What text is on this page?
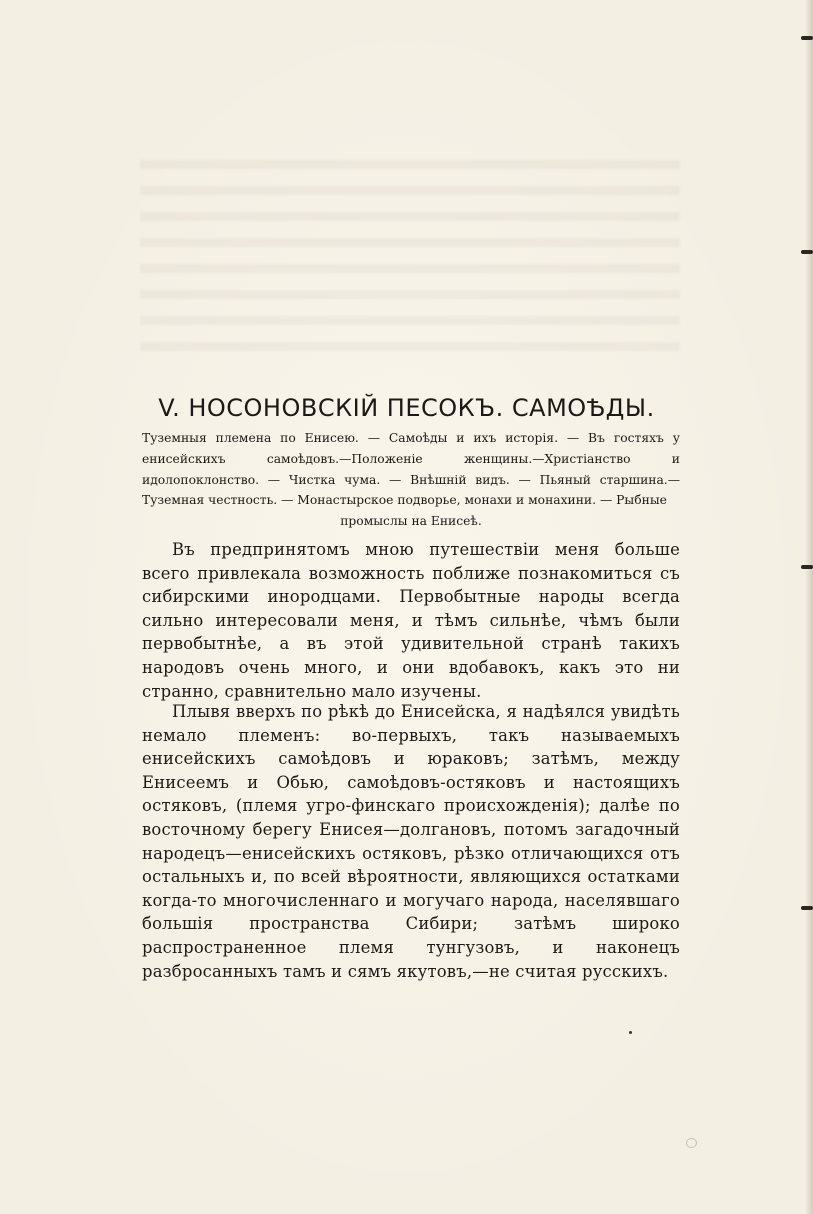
V. НОСОНОВСКІЙ ПЕСОКЪ. САМОѢДЫ.

Туземныя племена по Енисею. — Самоѣды и ихъ исторія. — Въ гостяхъ у енисейскихъ самоѣдовъ.—Положеніе женщины.—Христіанство и идолопоклонство. — Чистка чума. — Внѣшній видъ. — Пьяный старшина.—Туземная честность. — Монастырское подворье, монахи и монахини. — Рыбные
промыслы на Енисеѣ.

Въ предпринятомъ мною путешествіи меня больше всего привлекала возможность поближе познакомиться съ сибирскими инородцами. Первобытные народы всегда сильно интересовали меня, и тѣмъ сильнѣе, чѣмъ были первобытнѣе, а въ этой удивительной странѣ такихъ народовъ очень много, и они вдобавокъ, какъ это ни странно, сравнительно мало изучены.

Плывя вверхъ по рѣкѣ до Енисейска, я надѣялся увидѣть немало племенъ: во-первыхъ, такъ называемыхъ енисейскихъ самоѣдовъ и юраковъ; затѣмъ, между Енисеемъ и Обью, самоѣдовъ-остяковъ и настоящихъ остяковъ, (племя угро-финскаго происхожденія); далѣе по восточному берегу Енисея—долгановъ, потомъ загадочный народецъ—енисейскихъ остяковъ, рѣзко отличающихся отъ остальныхъ и, по всей вѣроятности, являющихся остатками когда-то многочисленнаго и могучаго народа, населявшаго большія пространства Сибири; затѣмъ широко распространенное племя тунгузовъ, и наконецъ разбросанныхъ тамъ и сямъ якутовъ,—не считая русскихъ.
